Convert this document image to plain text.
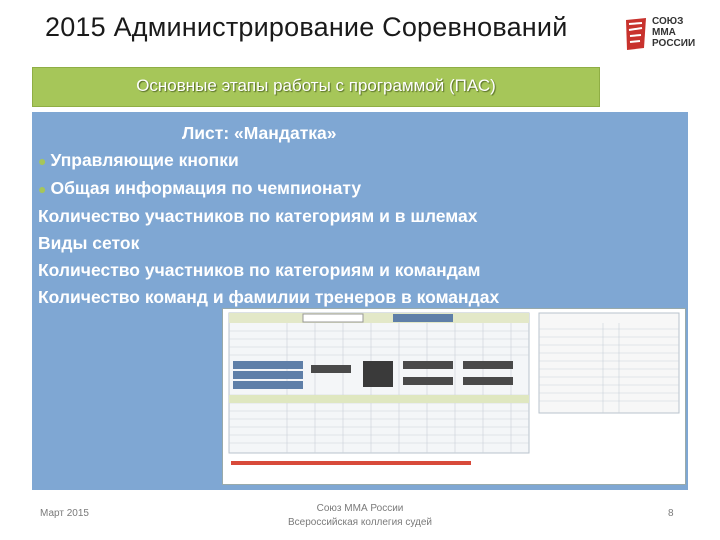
2015 Администрирование Соревнований	СОЮЗ
ММА
РОССИИ
Основные этапы работы с программой (ПАС)
Лист: «Мандатка»
● Управляющие кнопки
● Общая информация по чемпионату
Количество участников по категориям и в шлемах
Виды сеток
Количество участников по категориям и командам
Количество команд и фамилии тренеров в командах
Март 2015	Союз ММА России
Всероссийская коллегия судей
8
